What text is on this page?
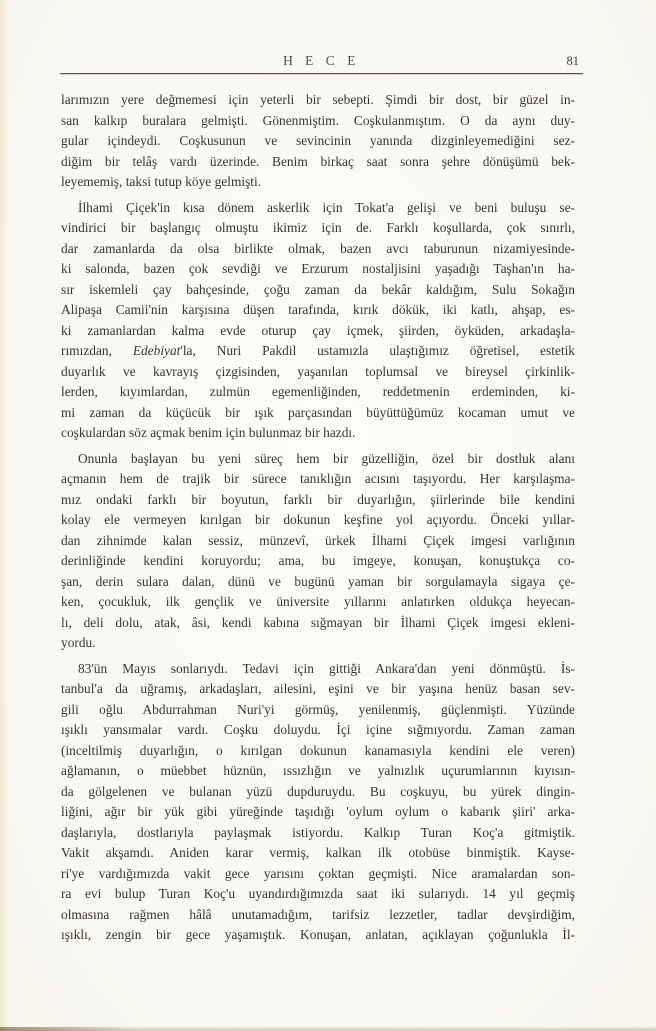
H E C E	81
larımızın yere değmemesi için yeterli bir sebepti. Şimdi bir dost, bir güzel in-
san kalkıp buralara gelmişti. Gönenmiştim. Coşkulanmıştım. O da aynı duy-
gular içindeydi. Coşkusunun ve sevincinin yanında dizginleyemediğini sez-
diğim bir telâş vardı üzerinde. Benim birkaç saat sonra şehre dönüşümü bek-
leyememiş, taksi tutup köye gelmişti.
İlhami Çiçek'in kısa dönem askerlik için Tokat'a gelişi ve beni buluşu se-
vindirici bir başlangıç olmuştu ikimiz için de. Farklı koşullarda, çok sınırlı,
dar zamanlarda da olsa birlikte olmak, bazen avcı taburunun nizamiyesinde-
ki salonda, bazen çok sevdiği ve Erzurum nostaljisini yaşadığı Taşhan'ın ha-
sır iskemleli çay bahçesinde, çoğu zaman da bekâr kaldığım, Sulu Sokağın
Alipaşa Camii'nin karşısına düşen tarafında, kırık dökük, iki katlı, ahşap, es-
ki zamanlardan kalma evde oturup çay içmek, şiirden, öyküden, arkadaşla-
rımızdan, Edebiyat'la, Nuri Pakdil ustamızla ulaştığımız öğretisel, estetik
duyarlık ve kavrayış çizgisinden, yaşanılan toplumsal ve bireysel çirkinlik-
lerden, kıyımlardan, zulmün egemenliğinden, reddetmenin erdeminden, ki-
mi zaman da küçücük bir ışık parçasından büyüttüğümüz kocaman umut ve
coşkulardan söz açmak benim için bulunmaz bir hazdı.
Onunla başlayan bu yeni süreç hem bir güzelliğin, özel bir dostluk alanı
açmanın hem de trajik bir sürece tanıklığın acısını taşıyordu. Her karşılaşma-
mız ondaki farklı bir boyutun, farklı bir duyarlığın, şiirlerinde bile kendini
kolay ele vermeyen kırılgan bir dokunun keşfine yol açıyordu. Önceki yıllar-
dan zihnimde kalan sessiz, münzevî, ürkek İlhami Çiçek imgesi varlığının
derinliğinde kendini koruyordu; ama, bu imgeye, konuşan, konuştukça co-
şan, derin sulara dalan, dünü ve bugünü yaman bir sorgulamayla sigaya çe-
ken, çocukluk, ilk gençlik ve üniversite yıllarını anlatırken oldukça heyecan-
lı, deli dolu, atak, âsi, kendi kabına sığmayan bir İlhami Çiçek imgesi ekleni-
yordu.
83'ün Mayıs sonlarıydı. Tedavi için gittiği Ankara'dan yeni dönmüştü. İs-
tanbul'a da uğramış, arkadaşları, ailesini, eşini ve bir yaşına henüz basan sev-
gili oğlu Abdurrahman Nuri'yi görmüş, yenilenmiş, güçlenmişti. Yüzünde
ışıklı yansımalar vardı. Coşku doluydu. İçi içine sığmıyordu. Zaman zaman
(inceltilmiş duyarlığın, o kırılgan dokunun kanamasıyla kendini ele veren)
ağlamanın, o müebbet hüznün, ıssızlığın ve yalnızlık uçurumlarının kıyısın-
da gölgelenen ve bulanan yüzü dupduruydu. Bu coşkuyu, bu yürek dingin-
liğini, ağır bir yük gibi yüreğinde taşıdığı 'oylum oylum o kabarık şiiri' arka-
daşlarıyla, dostlarıyla paylaşmak istiyordu. Kalkıp Turan Koç'a gitmiştik.
Vakit akşamdı. Aniden karar vermiş, kalkan ilk otobüse binmiştik. Kayse-
ri'ye vardığımızda vakit gece yarısını çoktan geçmişti. Nice aramalardan son-
ra evi bulup Turan Koç'u uyandırdığımızda saat iki sularıydı. 14 yıl geçmiş
olmasına rağmen hâlâ unutamadığım, tarifsiz lezzetler, tadlar devşirdiğim,
ışıklı, zengin bir gece yaşamıştık. Konuşan, anlatan, açıklayan çoğunlukla İl-
